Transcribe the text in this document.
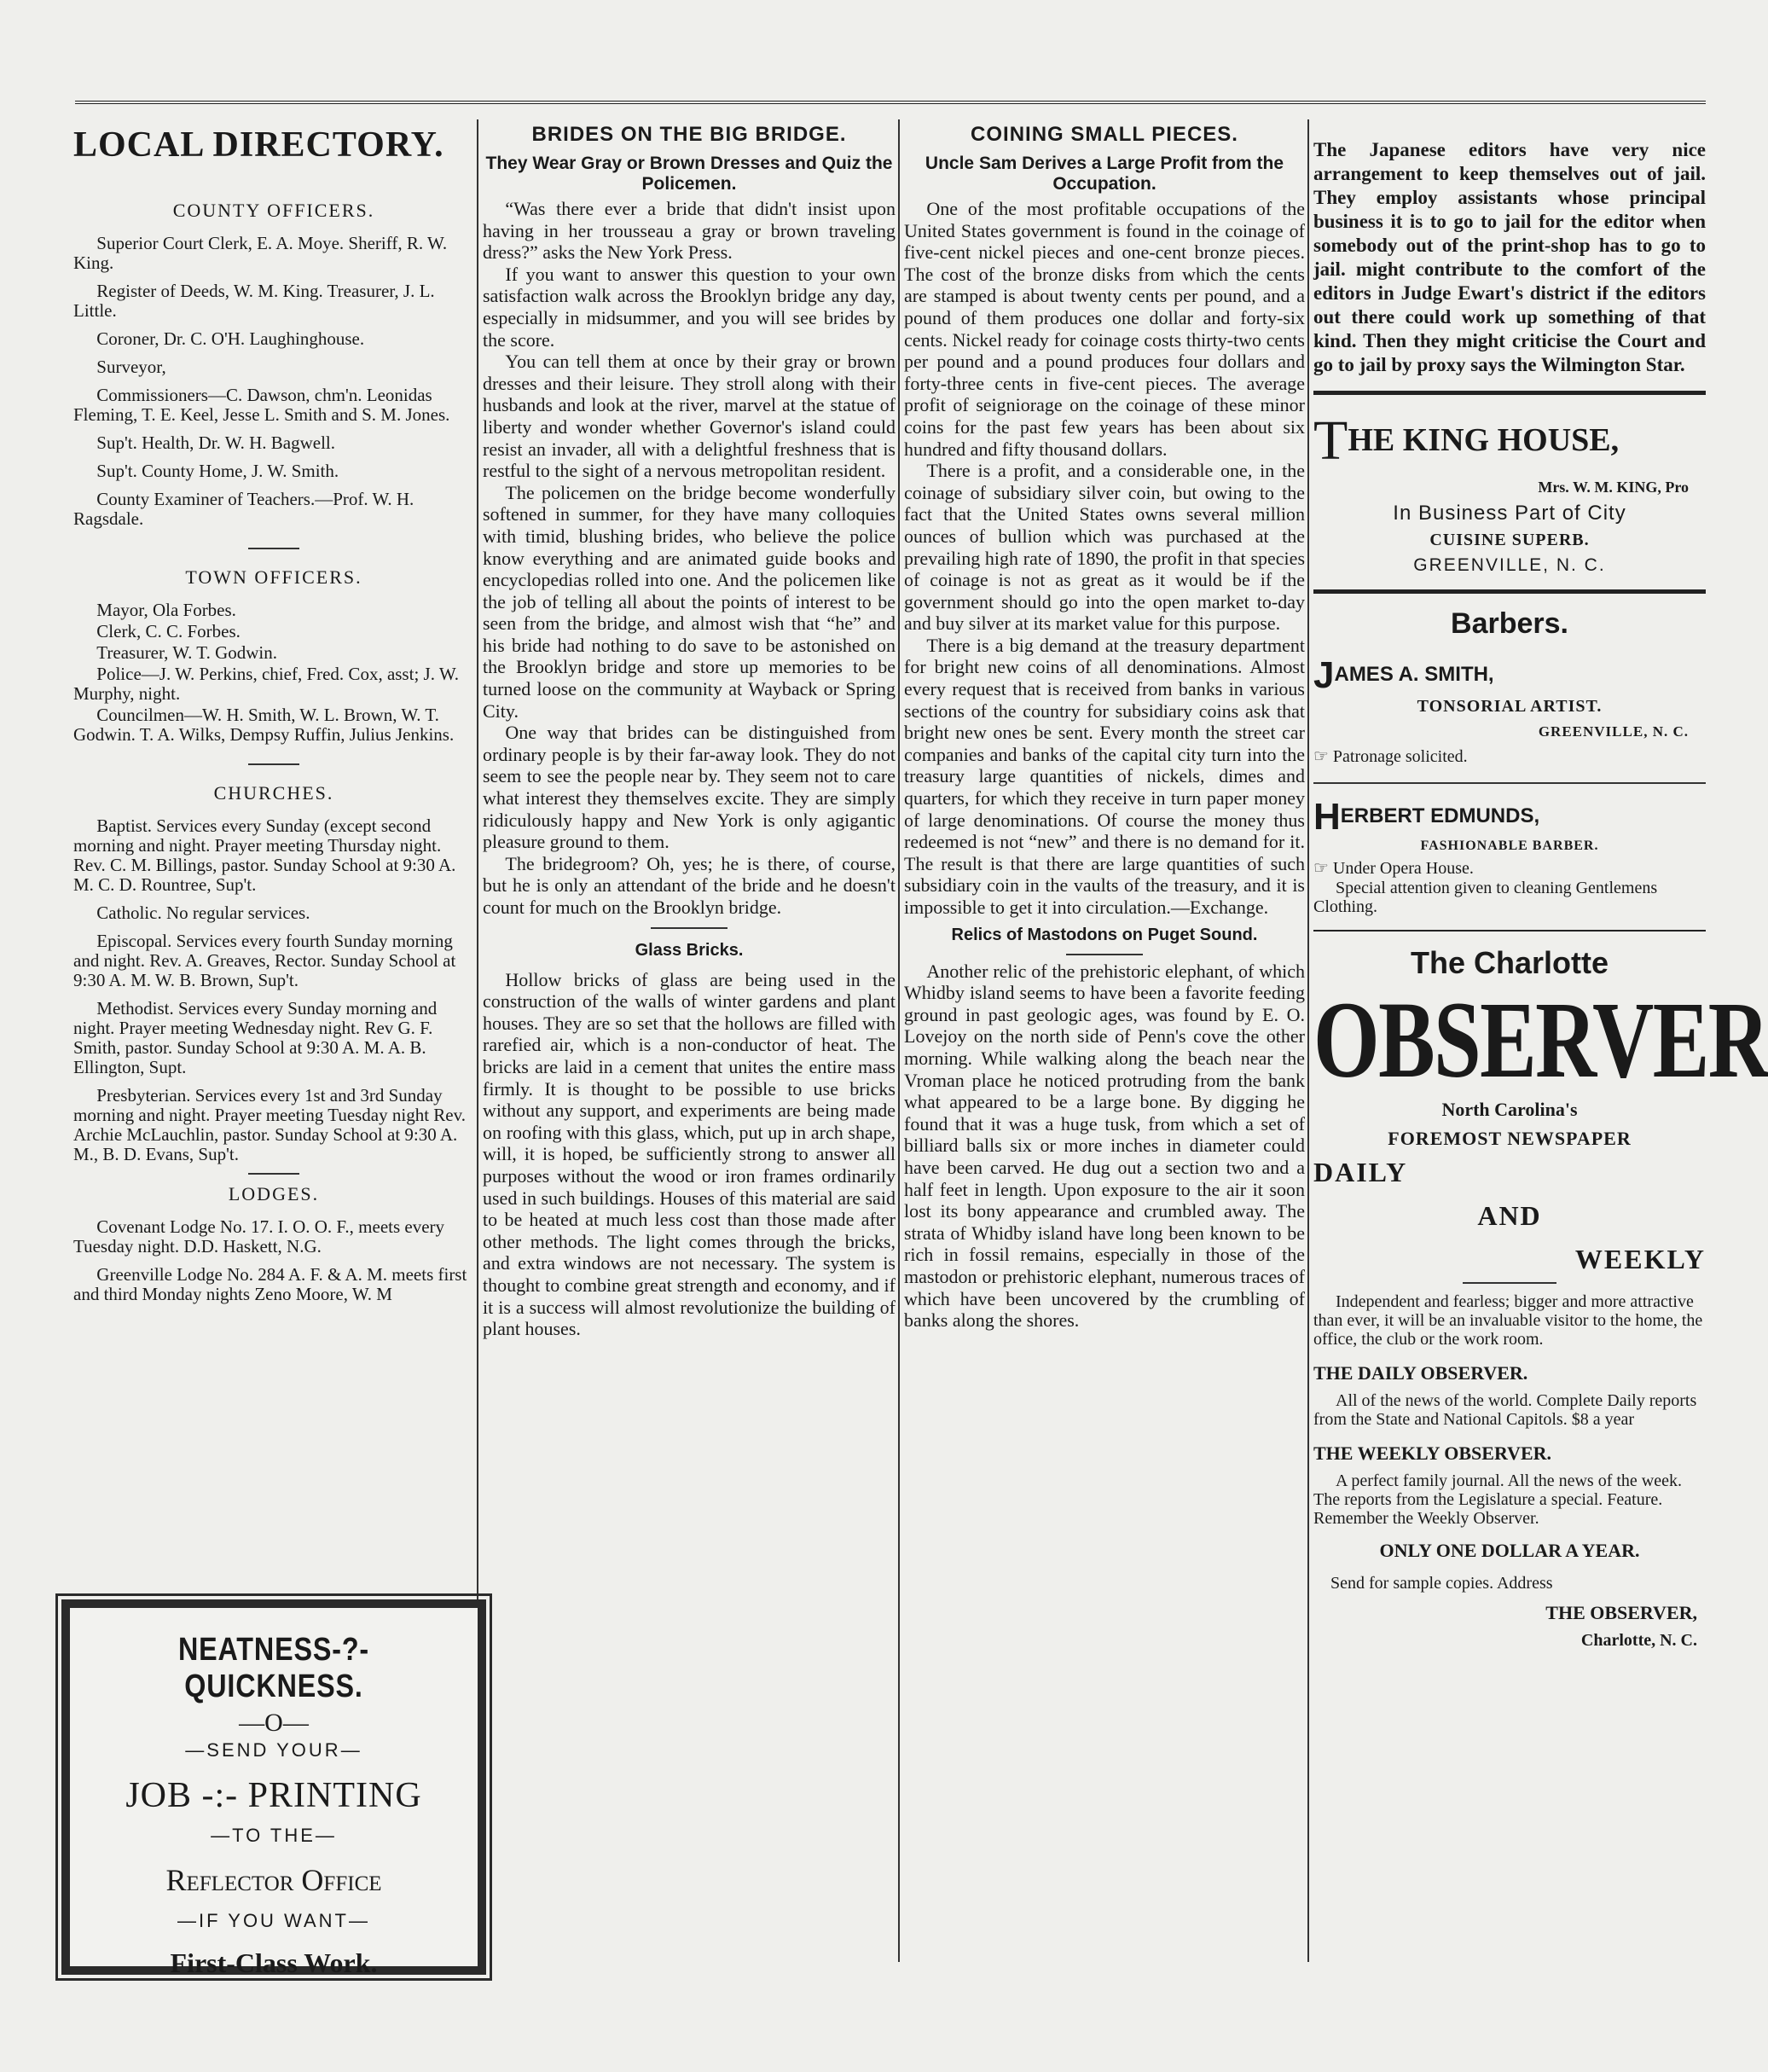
LOCAL DIRECTORY.
COUNTY OFFICERS.
Superior Court Clerk, E. A. Moye. Sheriff, R. W. King.
Register of Deeds, W. M. King. Treasurer, J. L. Little.
Coroner, Dr. C. O'H. Laughinghouse.
Surveyor,
Commissioners—C. Dawson, chm'n. Leonidas Fleming, T. E. Keel, Jesse L. Smith and S. M. Jones.
Sup't. Health, Dr. W. H. Bagwell.
Sup't. County Home, J. W. Smith.
County Examiner of Teachers.—Prof. W. H. Ragsdale.
TOWN OFFICERS.
Mayor, Ola Forbes.
Clerk, C. C. Forbes.
Treasurer, W. T. Godwin.
Police—J. W. Perkins, chief, Fred. Cox, asst; J. W. Murphy, night.
Councilmen—W. H. Smith, W. L. Brown, W. T. Godwin. T. A. Wilks, Dempsy Ruffin, Julius Jenkins.
CHURCHES.
Baptist. Services every Sunday (except second morning and night. Prayer meeting Thursday night. Rev. C. M. Billings, pastor. Sunday School at 9:30 A. M. C. D. Rountree, Sup't.
Catholic. No regular services.
Episcopal. Services every fourth Sunday morning and night. Rev. A. Greaves, Rector. Sunday School at 9:30 A. M. W. B. Brown, Sup't.
Methodist. Services every Sunday morning and night. Prayer meeting Wednesday night. Rev G. F. Smith, pastor. Sunday School at 9:30 A. M. A. B. Ellington, Supt.
Presbyterian. Services every 1st and 3rd Sunday morning and night. Prayer meeting Tuesday night Rev. Archie McLauchlin, pastor. Sunday School at 9:30 A. M., B. D. Evans, Sup't.
LODGES.
Covenant Lodge No. 17. I. O. O. F., meets every Tuesday night. D.D. Haskett, N.G.
Greenville Lodge No. 284 A. F. & A. M. meets first and third Monday nights Zeno Moore, W. M
NEATNESS-?-QUICKNESS.
—O—
—SEND YOUR—
JOB -:- PRINTING
—TO THE—
Reflector Office
—IF YOU WANT—
First-Class Work.
BRIDES ON THE BIG BRIDGE.
They Wear Gray or Brown Dresses and Quiz the Policemen.

“Was there ever a bride that didn't insist upon having in her trousseau a gray or brown traveling dress?” asks the New York Press.

If you want to answer this question to your own satisfaction walk across the Brooklyn bridge any day, especially in midsummer, and you will see brides by the score.

You can tell them at once by their gray or brown dresses and their leisure. They stroll along with their husbands and look at the river, marvel at the statue of liberty and wonder whether Governor's island could resist an invader, all with a delightful freshness that is restful to the sight of a nervous metropolitan resident.

The policemen on the bridge become wonderfully softened in summer, for they have many colloquies with timid, blushing brides, who believe the police know everything and are animated guide books and encyclopedias rolled into one. And the policemen like the job of telling all about the points of interest to be seen from the bridge, and almost wish that “he” and his bride had nothing to do save to be astonished on the Brooklyn bridge and store up memories to be turned loose on the community at Wayback or Spring City.

One way that brides can be distinguished from ordinary people is by their far-away look. They do not seem to see the people near by. They seem not to care what interest they themselves excite. They are simply ridiculously happy and New York is only agigantic pleasure ground to them.

The bridegroom? Oh, yes; he is there, of course, but he is only an attendant of the bride and he doesn't count for much on the Brooklyn bridge.

Glass Bricks.

Hollow bricks of glass are being used in the construction of the walls of winter gardens and plant houses. They are so set that the hollows are filled with rarefied air, which is a non-conductor of heat. The bricks are laid in a cement that unites the entire mass firmly. It is thought to be possible to use bricks without any support, and experiments are being made on roofing with this glass, which, put up in arch shape, will, it is hoped, be sufficiently strong to answer all purposes without the wood or iron frames ordinarily used in such buildings. Houses of this material are said to be heated at much less cost than those made after other methods. The light comes through the bricks, and extra windows are not necessary. The system is thought to combine great strength and economy, and if it is a success will almost revolutionize the building of plant houses.

COINING SMALL PIECES.
Uncle Sam Derives a Large Profit from the Occupation.

One of the most profitable occupations of the United States government is found in the coinage of five-cent nickel pieces and one-cent bronze pieces. The cost of the bronze disks from which the cents are stamped is about twenty cents per pound, and a pound of them produces one dollar and forty-six cents. Nickel ready for coinage costs thirty-two cents per pound and a pound produces four dollars and forty-three cents in five-cent pieces. The average profit of seigniorage on the coinage of these minor coins for the past few years has been about six hundred and fifty thousand dollars.

There is a profit, and a considerable one, in the coinage of subsidiary silver coin, but owing to the fact that the United States owns several million ounces of bullion which was purchased at the prevailing high rate of 1890, the profit in that species of coinage is not as great as it would be if the government should go into the open market to-day and buy silver at its market value for this purpose.

There is a big demand at the treasury department for bright new coins of all denominations. Almost every request that is received from banks in various sections of the country for subsidiary coins ask that bright new ones be sent. Every month the street car companies and banks of the capital city turn into the treasury large quantities of nickels, dimes and quarters, for which they receive in turn paper money of large denominations. Of course the money thus redeemed is not “new” and there is no demand for it. The result is that there are large quantities of such subsidiary coin in the vaults of the treasury, and it is impossible to get it into circulation.—Exchange.

Relics of Mastodons on Puget Sound.

Another relic of the prehistoric elephant, of which Whidby island seems to have been a favorite feeding ground in past geologic ages, was found by E. O. Lovejoy on the north side of Penn's cove the other morning. While walking along the beach near the Vroman place he noticed protruding from the bank what appeared to be a large bone. By digging he found that it was a huge tusk, from which a set of billiard balls six or more inches in diameter could have been carved. He dug out a section two and a half feet in length. Upon exposure to the air it soon lost its bony appearance and crumbled away. The strata of Whidby island have long been known to be rich in fossil remains, especially in those of the mastodon or prehistoric elephant, numerous traces of which have been uncovered by the crumbling of banks along the shores.

The Japanese editors have very nice arrangement to keep themselves out of jail. They employ assistants whose principal business it is to go to jail for the editor when somebody out of the print-shop has to go to jail. might contribute to the comfort of the editors in Judge Ewart's district if the editors out there could work up something of that kind. Then they might criticise the Court and go to jail by proxy says the Wilmington Star.

THE KING HOUSE,
Mrs. W. M. KING, Pro
In Business Part of City
CUISINE SUPERB.
GREENVILLE, N. C.
Barbers.
JAMES A. SMITH,
TONSORIAL ARTIST.
GREENVILLE, N. C.
☞ Patronage solicited.
HERBERT EDMUNDS,
FASHIONABLE BARBER.
☞ Under Opera House.
Special attention given to cleaning Gentlemens Clothing.
The Charlotte
OBSERVER
North Carolina's
FOREMOST NEWSPAPER
DAILY
AND
WEEKLY
Independent and fearless; bigger and more attractive than ever, it will be an invaluable visitor to the home, the office, the club or the work room.
THE DAILY OBSERVER.
All of the news of the world. Complete Daily reports from the State and National Capitols. $8 a year
THE WEEKLY OBSERVER.
A perfect family journal. All the news of the week. The reports from the Legislature a special. Feature. Remember the Weekly Observer.
ONLY ONE DOLLAR A YEAR.
Send for sample copies. Address
THE OBSERVER,
Charlotte, N. C.
